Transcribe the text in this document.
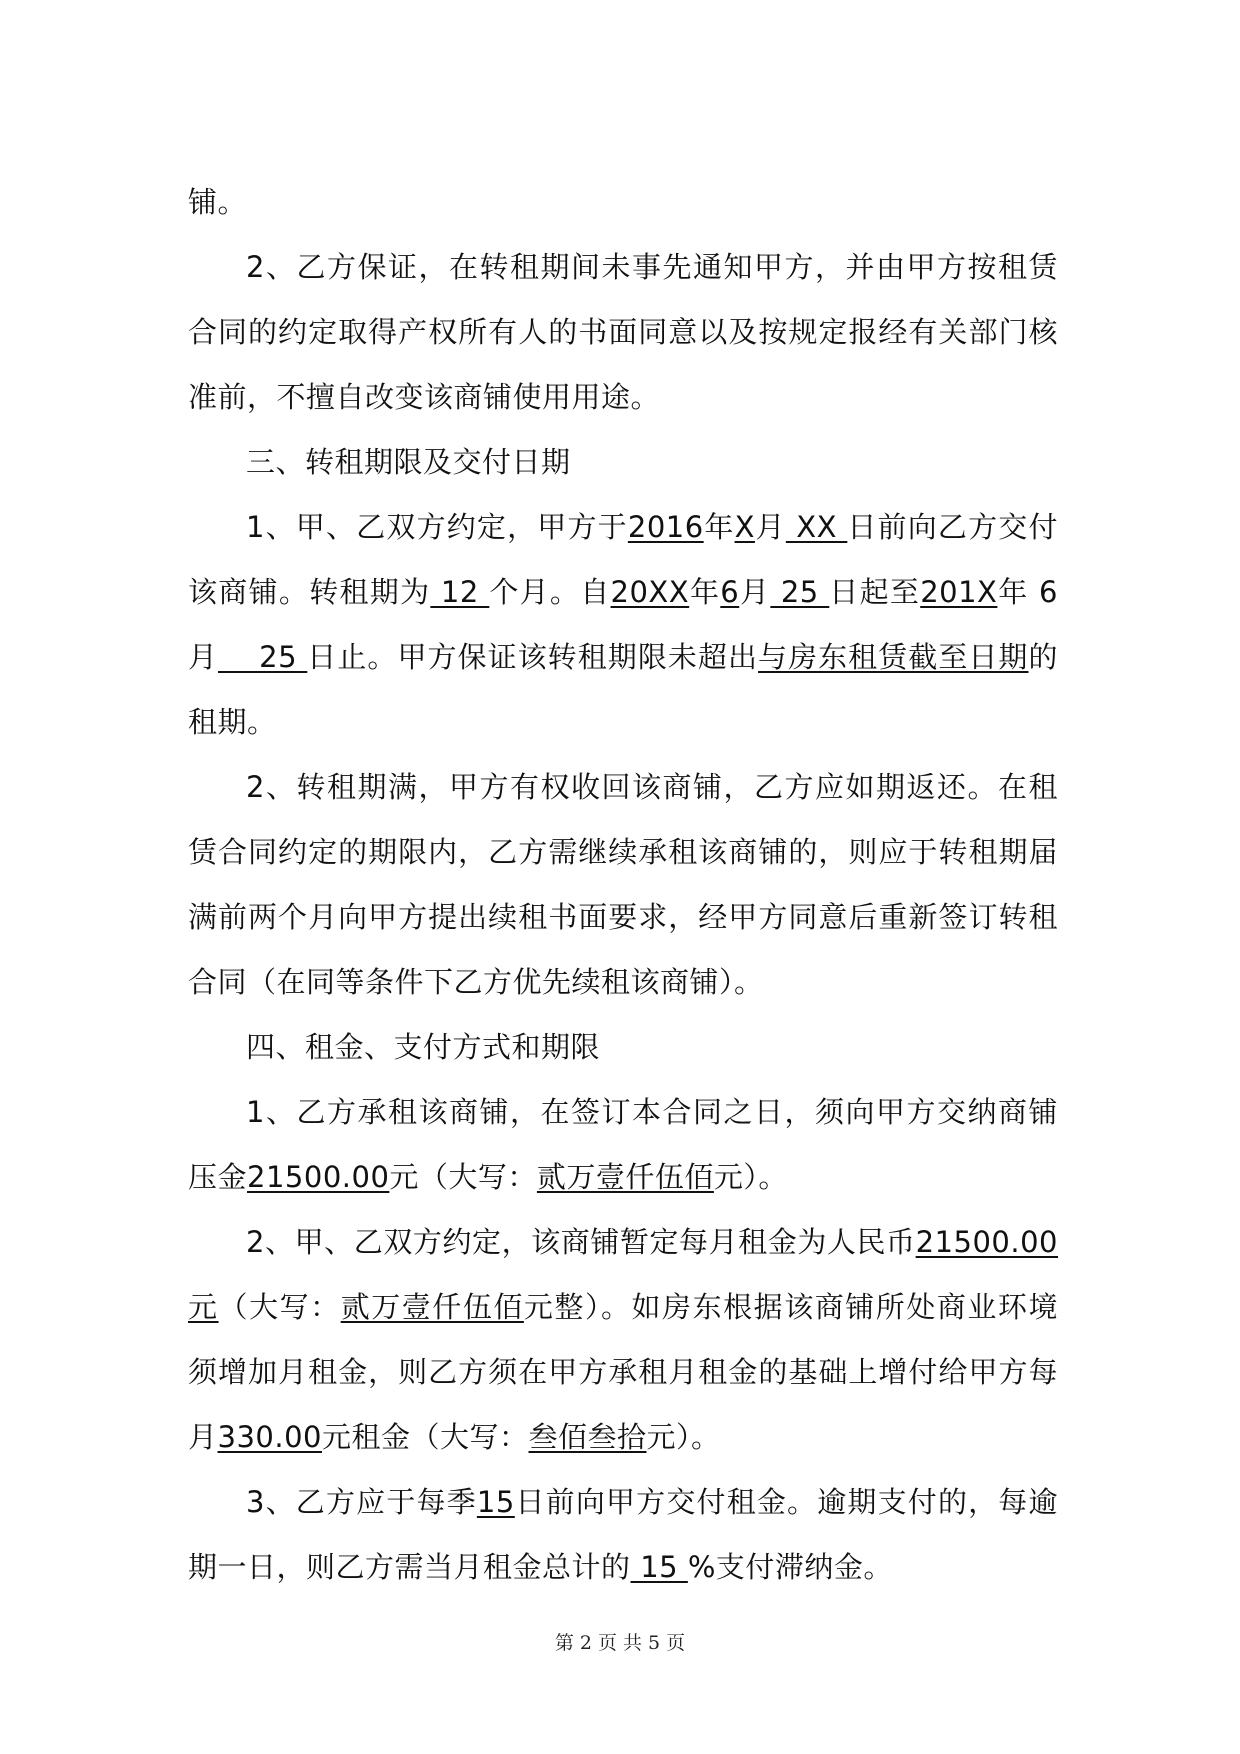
铺。

2、乙方保证，在转租期间未事先通知甲方，并由甲方按租赁合同的约定取得产权所有人的书面同意以及按规定报经有关部门核准前，不擅自改变该商铺使用用途。

三、转租期限及交付日期

1、甲、乙双方约定，甲方于2016年X月 XX 日前向乙方交付该商铺。转租期为 12 个月。自20XX年6月 25 日起至201X年 6 月    25 日止。甲方保证该转租期限未超出与房东租赁截至日期的租期。

2、转租期满，甲方有权收回该商铺，乙方应如期返还。在租赁合同约定的期限内，乙方需继续承租该商铺的，则应于转租期届满前两个月向甲方提出续租书面要求，经甲方同意后重新签订转租合同（在同等条件下乙方优先续租该商铺）。

四、租金、支付方式和期限

1、乙方承租该商铺，在签订本合同之日，须向甲方交纳商铺压金21500.00元（大写：贰万壹仟伍佰元）。

2、甲、乙双方约定，该商铺暂定每月租金为人民币21500.00 元（大写：贰万壹仟伍佰元整）。如房东根据该商铺所处商业环境须增加月租金，则乙方须在甲方承租月租金的基础上增付给甲方每月330.00元租金（大写：叁佰叁拾元）。

3、乙方应于每季15日前向甲方交付租金。逾期支付的，每逾期一日，则乙方需当月租金总计的 15 %支付滞纳金。

第 2 页 共 5 页
